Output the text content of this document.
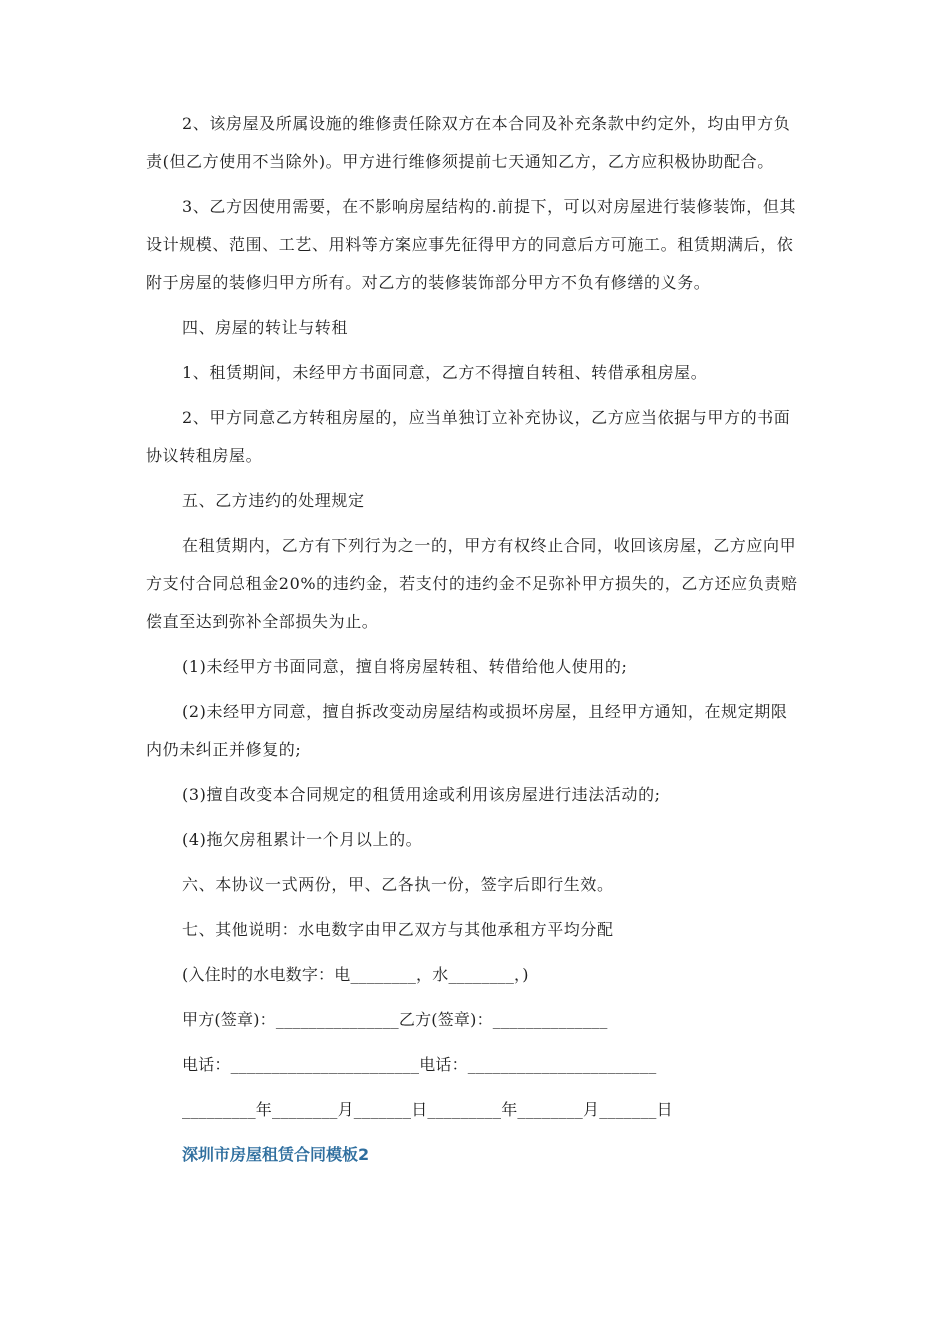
2、该房屋及所属设施的维修责任除双方在本合同及补充条款中约定外，均由甲方负责(但乙方使用不当除外)。甲方进行维修须提前七天通知乙方，乙方应积极协助配合。

3、乙方因使用需要，在不影响房屋结构的.前提下，可以对房屋进行装修装饰，但其设计规模、范围、工艺、用料等方案应事先征得甲方的同意后方可施工。租赁期满后，依附于房屋的装修归甲方所有。对乙方的装修装饰部分甲方不负有修缮的义务。

四、房屋的转让与转租

1、租赁期间，未经甲方书面同意，乙方不得擅自转租、转借承租房屋。

2、甲方同意乙方转租房屋的，应当单独订立补充协议，乙方应当依据与甲方的书面协议转租房屋。

五、乙方违约的处理规定

在租赁期内，乙方有下列行为之一的，甲方有权终止合同，收回该房屋，乙方应向甲方支付合同总租金20%的违约金，若支付的违约金不足弥补甲方损失的，乙方还应负责赔偿直至达到弥补全部损失为止。

(1)未经甲方书面同意，擅自将房屋转租、转借给他人使用的;

(2)未经甲方同意，擅自拆改变动房屋结构或损坏房屋，且经甲方通知，在规定期限内仍未纠正并修复的;

(3)擅自改变本合同规定的租赁用途或利用该房屋进行违法活动的;

(4)拖欠房租累计一个月以上的。

六、本协议一式两份，甲、乙各执一份，签字后即行生效。

七、其他说明：水电数字由甲乙双方与其他承租方平均分配

(入住时的水电数字：电________，水________，)
甲方(签章)：_______________乙方(签章)：______________
电话：_______________________电话：_______________________
_________年________月_______日_________年________月_______日
深圳市房屋租赁合同模板2
